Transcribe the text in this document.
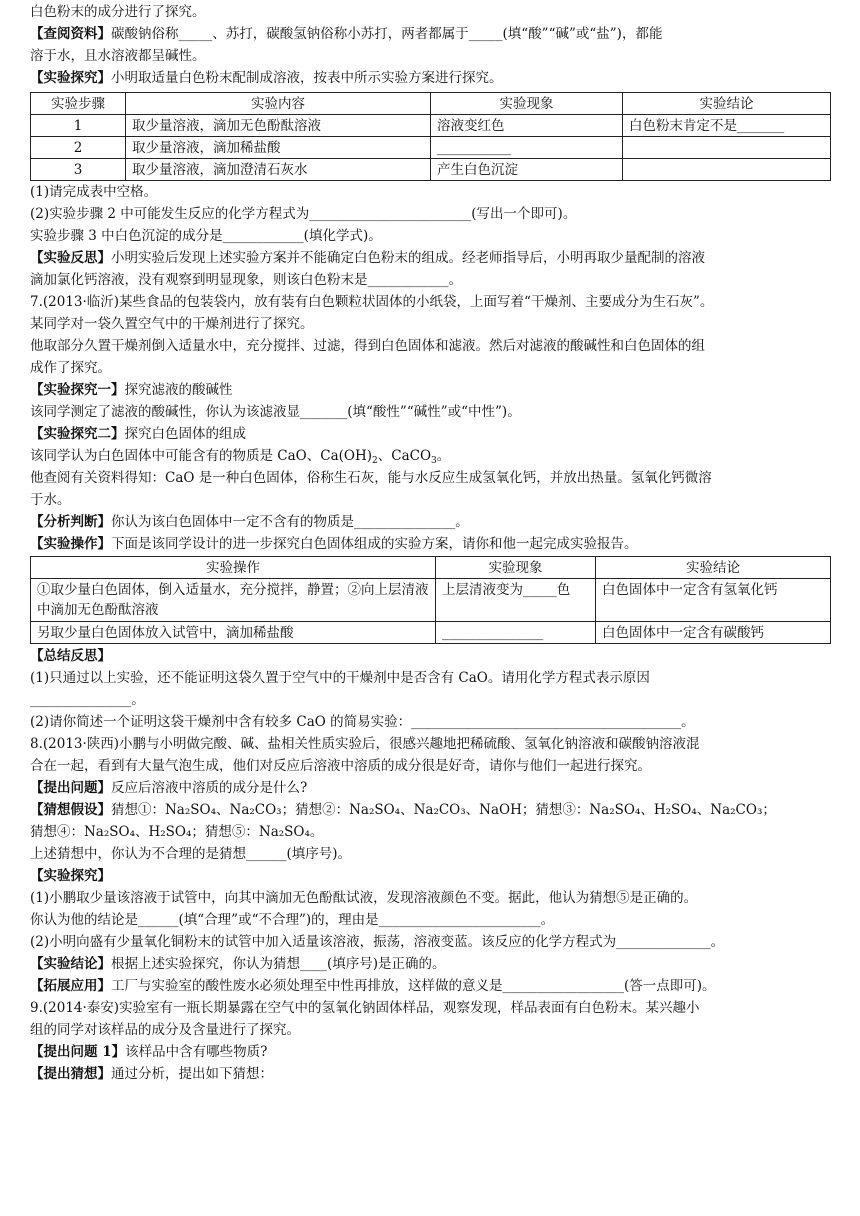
白色粉末的成分进行了探究。
【查阅资料】碳酸钠俗称_____、苏打，碳酸氢钠俗称小苏打，两者都属于_____(填“酸”“碱”或“盐”)，都能
溶于水，且水溶液都呈碱性。
【实验探究】小明取适量白色粉末配制成溶液，按表中所示实验方案进行探究。
实验步骤	实验内容	实验现象	实验结论
1	取少量溶液，滴加无色酚酞溶液	溶液变红色	白色粉末肯定不是_______
2	取少量溶液，滴加稀盐酸	___________	
3	取少量溶液，滴加澄清石灰水	产生白色沉淀	
(1)请完成表中空格。
(2)实验步骤 2 中可能发生反应的化学方程式为________________________(写出一个即可)。
实验步骤 3 中白色沉淀的成分是____________(填化学式)。
【实验反思】小明实验后发现上述实验方案并不能确定白色粉末的组成。经老师指导后，小明再取少量配制的溶液
滴加氯化钙溶液，没有观察到明显现象，则该白色粉末是____________。
7.(2013·临沂)某些食品的包装袋内，放有装有白色颗粒状固体的小纸袋，上面写着“干燥剂、主要成分为生石灰”。
某同学对一袋久置空气中的干燥剂进行了探究。
他取部分久置干燥剂倒入适量水中，充分搅拌、过滤，得到白色固体和滤液。然后对滤液的酸碱性和白色固体的组
成作了探究。
【实验探究一】探究滤液的酸碱性
该同学测定了滤液的酸碱性，你认为该滤液显_______(填“酸性”“碱性”或“中性”)。
【实验探究二】探究白色固体的组成
该同学认为白色固体中可能含有的物质是 CaO、$Ca(OH)_2$、CaCO$_3$。
他查阅有关资料得知：CaO 是一种白色固体，俗称生石灰，能与水反应生成氢氧化钙，并放出热量。氢氧化钙微溶
于水。
【分析判断】你认为该白色固体中一定不含有的物质是_______________。
【实验操作】下面是该同学设计的进一步探究白色固体组成的实验方案，请你和他一起完成实验报告。
实验操作	实验现象	实验结论
①取少量白色固体，倒入适量水，充分搅拌，静置；②向上层清液中滴加无色酚酞溶液	上层清液变为_____色	白色固体中一定含有氢氧化钙
另取少量白色固体放入试管中，滴加稀盐酸	_______________	白色固体中一定含有碳酸钙
【总结反思】
(1)只通过以上实验，还不能证明这袋久置于空气中的干燥剂中是否含有 CaO。请用化学方程式表示原因
_______________。
(2)请你简述一个证明这袋干燥剂中含有较多 CaO 的简易实验：________________________________________。
8.(2013·陕西)小鹏与小明做完酸、碱、盐相关性质实验后，很感兴趣地把稀硫酸、氢氧化钠溶液和碳酸钠溶液混
合在一起，看到有大量气泡生成，他们对反应后溶液中溶质的成分很是好奇，请你与他们一起进行探究。
【提出问题】反应后溶液中溶质的成分是什么?
【猜想假设】猜想①：Na₂SO₄、Na₂CO₃；猜想②：Na₂SO₄、Na₂CO₃、NaOH；猜想③：Na₂SO₄、H₂SO₄、Na₂CO₃；
猜想④：Na₂SO₄、H₂SO₄；猜想⑤：Na₂SO₄。
上述猜想中，你认为不合理的是猜想______(填序号)。
【实验探究】
(1)小鹏取少量该溶液于试管中，向其中滴加无色酚酞试液，发现溶液颜色不变。据此，他认为猜想⑤是正确的。
你认为他的结论是______(填“合理”或“不合理”)的，理由是________________________。
(2)小明向盛有少量氧化铜粉末的试管中加入适量该溶液，振荡，溶液变蓝。该反应的化学方程式为______________。
【实验结论】根据上述实验探究，你认为猜想____(填序号)是正确的。
【拓展应用】工厂与实验室的酸性废水必须处理至中性再排放，这样做的意义是__________________(答一点即可)。
9.(2014·泰安)实验室有一瓶长期暴露在空气中的氢氧化钠固体样品，观察发现，样品表面有白色粉末。某兴趣小
组的同学对该样品的成分及含量进行了探究。
【提出问题 1】该样品中含有哪些物质?
【提出猜想】通过分析，提出如下猜想：
